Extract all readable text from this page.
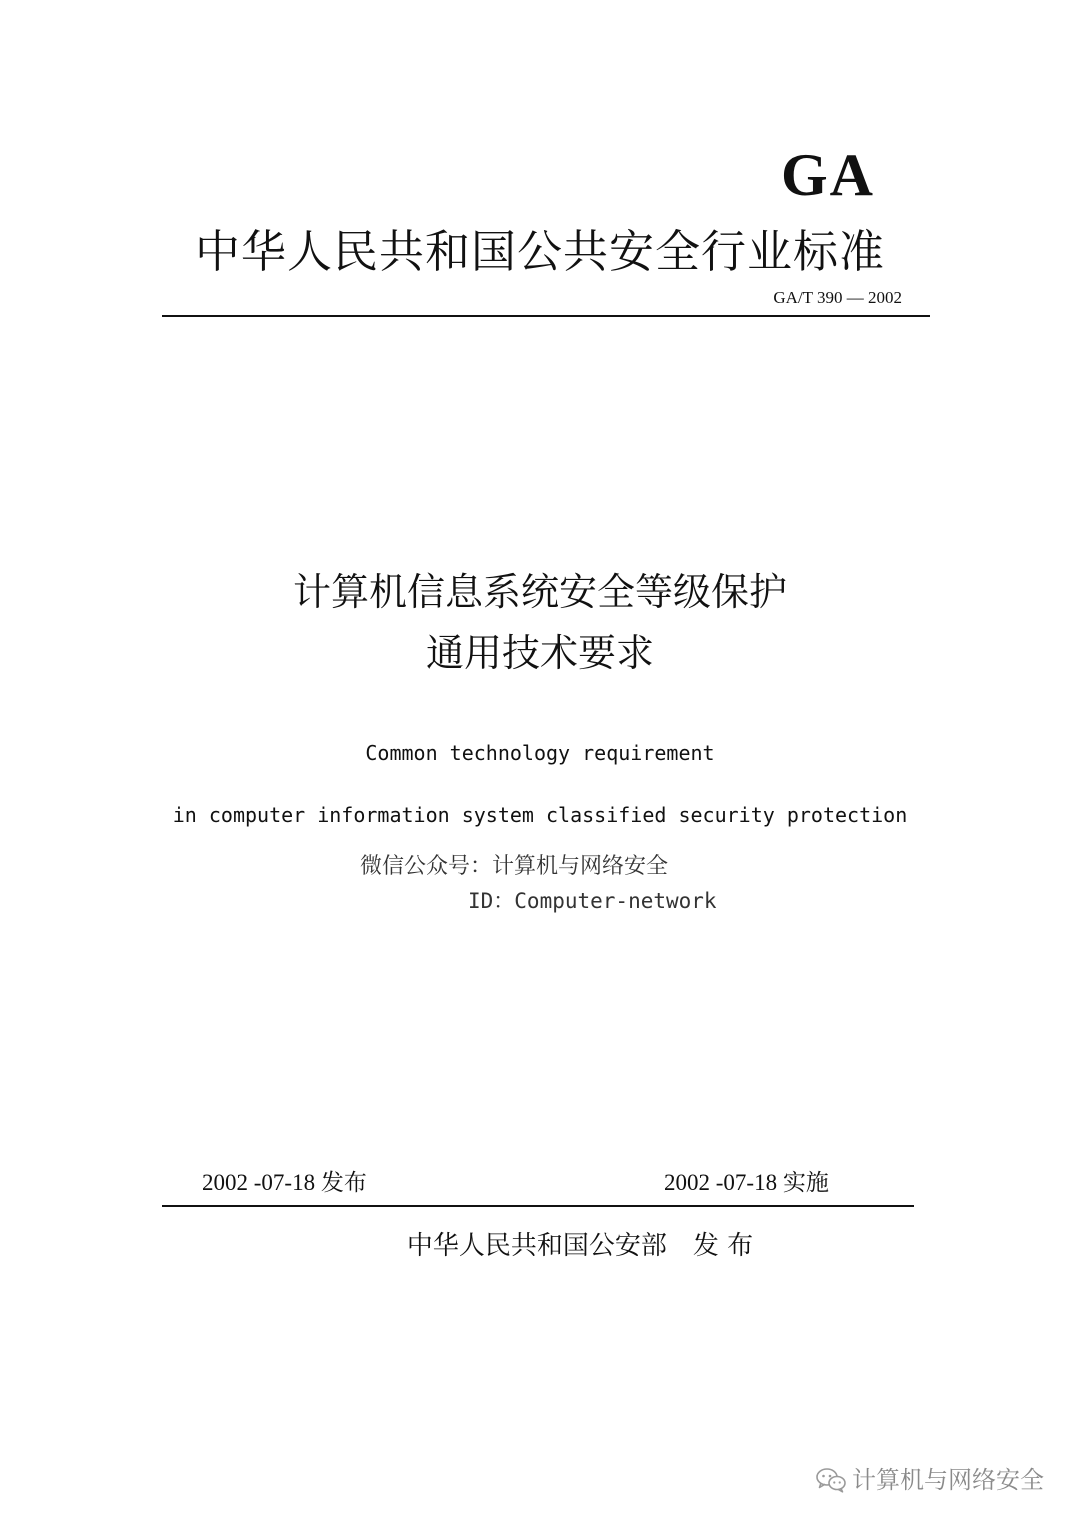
GA
中华人民共和国公共安全行业标准
GA/T 390 — 2002
计算机信息系统安全等级保护
通用技术要求
Common technology requirement
in computer information system classified security protection
微信公众号：计算机与网络安全
ID：Computer-network
2002 -07-18 发布	2002 -07-18 实施
中华人民共和国公安部　发 布
计算机与网络安全
